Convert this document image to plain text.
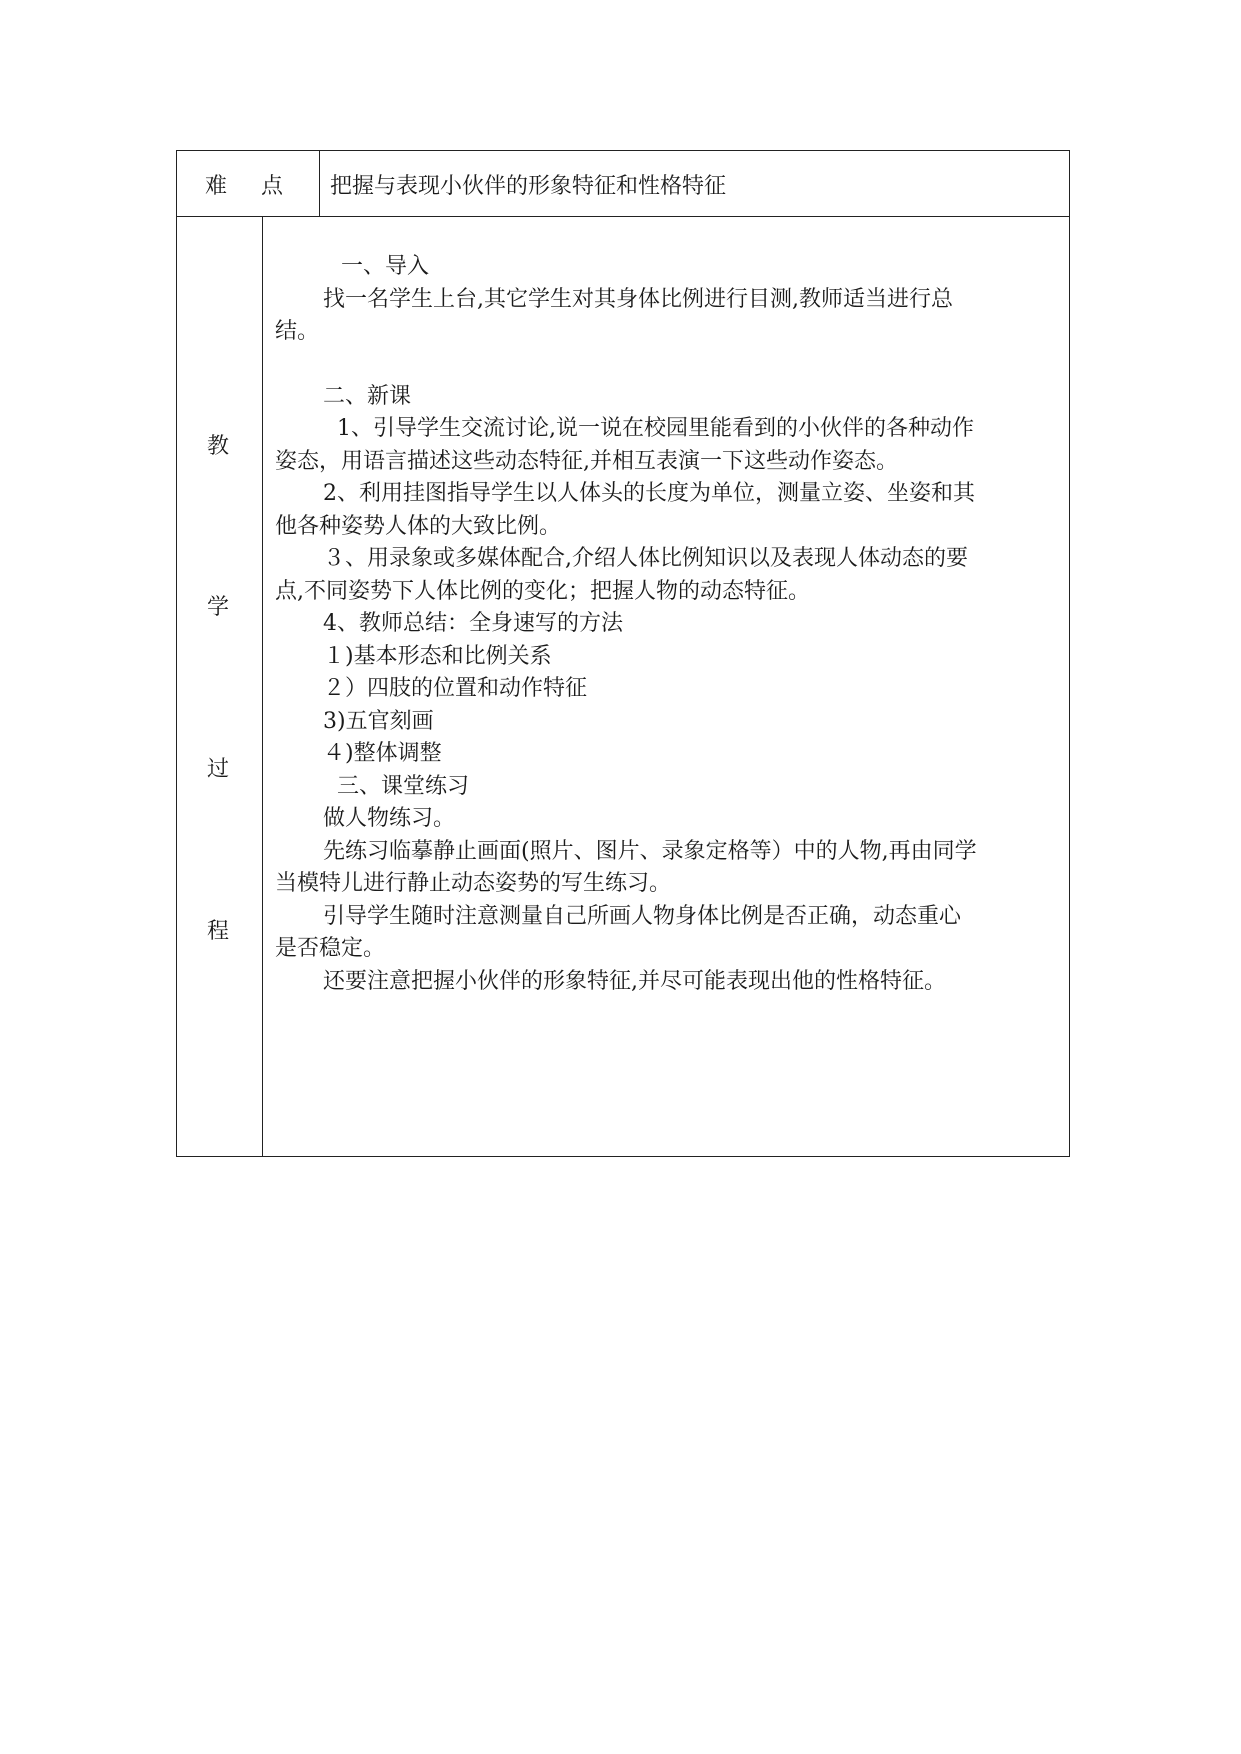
难 点 把握与表现小伙伴的形象特征和性格特征
教
学
过
程

一、导入

找一名学生上台,其它学生对其身体比例进行目测,教师适当进行总

结。

二、新课

1、引导学生交流讨论,说一说在校园里能看到的小伙伴的各种动作

姿态，用语言描述这些动态特征,并相互表演一下这些动作姿态。

2、利用挂图指导学生以人体头的长度为单位，测量立姿、坐姿和其

他各种姿势人体的大致比例。

３、用录象或多媒体配合,介绍人体比例知识以及表现人体动态的要

点,不同姿势下人体比例的变化；把握人物的动态特征。

4、教师总结：全身速写的方法

１)基本形态和比例关系

２）四肢的位置和动作特征

3)五官刻画

４)整体调整

三、课堂练习

做人物练习。

先练习临摹静止画面(照片、图片、录象定格等）中的人物,再由同学

当模特儿进行静止动态姿势的写生练习。

引导学生随时注意测量自己所画人物身体比例是否正确，动态重心

是否稳定。

还要注意把握小伙伴的形象特征,并尽可能表现出他的性格特征。
